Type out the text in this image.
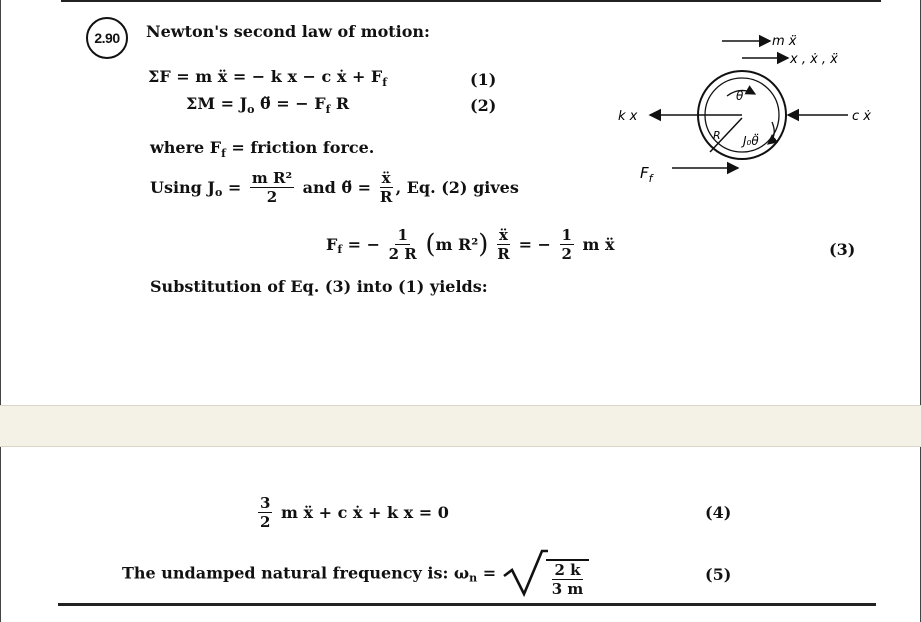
2.90	Newton's second law of motion:
ΣF = m ẍ = − k x − c ẋ + $F_f$	(1)
$\Sigma M = J_o$ θ̈ = − $F_f$ R	(2)
where $F_f$ = friction force.
Using $J_o = \frac{\text{m R²}}{2}$ and θ̈ = $\frac{\text{ẍ}}{R}$ , Eq. (2) gives
$F_f$ = − $\frac{1}{2 R} (m$ $R^2) \frac{\text{ẍ}}{R}$ = − $\frac{1}{2}$ m ẍ	(3)
Substitution of Eq. (3) into (1) yields:
$\frac{3}{2}$ m ẍ + c ẋ + k x = 0	(4)
The undamped natural frequency is: $\omega_n$ =	$\frac{2 k}{3 m}$	(5)
m ẍ
x , ẋ , ẍ
R
θ
J₀θ̈
k x	c ẋ
$F_f$
